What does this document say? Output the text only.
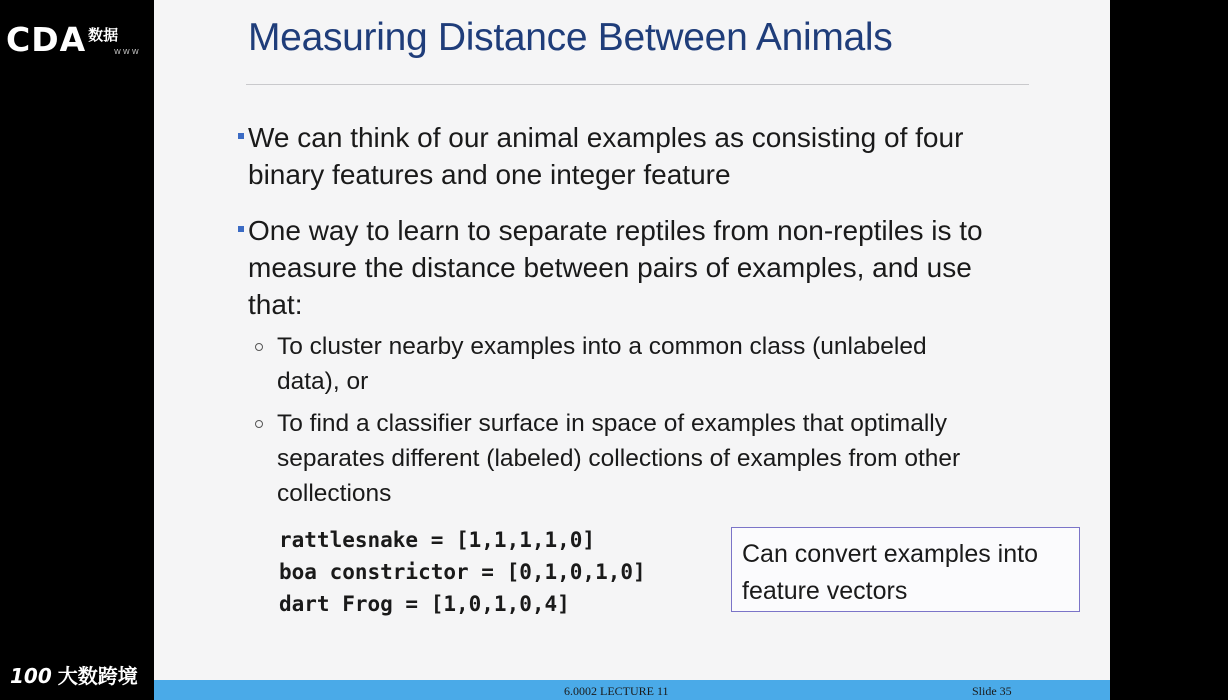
CDA 数据
WWW
100 大数跨境
Measuring Distance Between Animals
We can think of our animal examples as consisting of four binary features and one integer feature
One way to learn to separate reptiles from non-reptiles is to measure the distance between pairs of examples, and use that:
To cluster nearby examples into a common class (unlabeled data), or
To find a classifier surface in space of examples that optimally separates different (labeled) collections of examples from other collections
rattlesnake = [1,1,1,1,0]
boa constrictor = [0,1,0,1,0]
dart Frog = [1,0,1,0,4]
Can convert examples into feature vectors
6.0002 LECTURE 11	Slide 35
